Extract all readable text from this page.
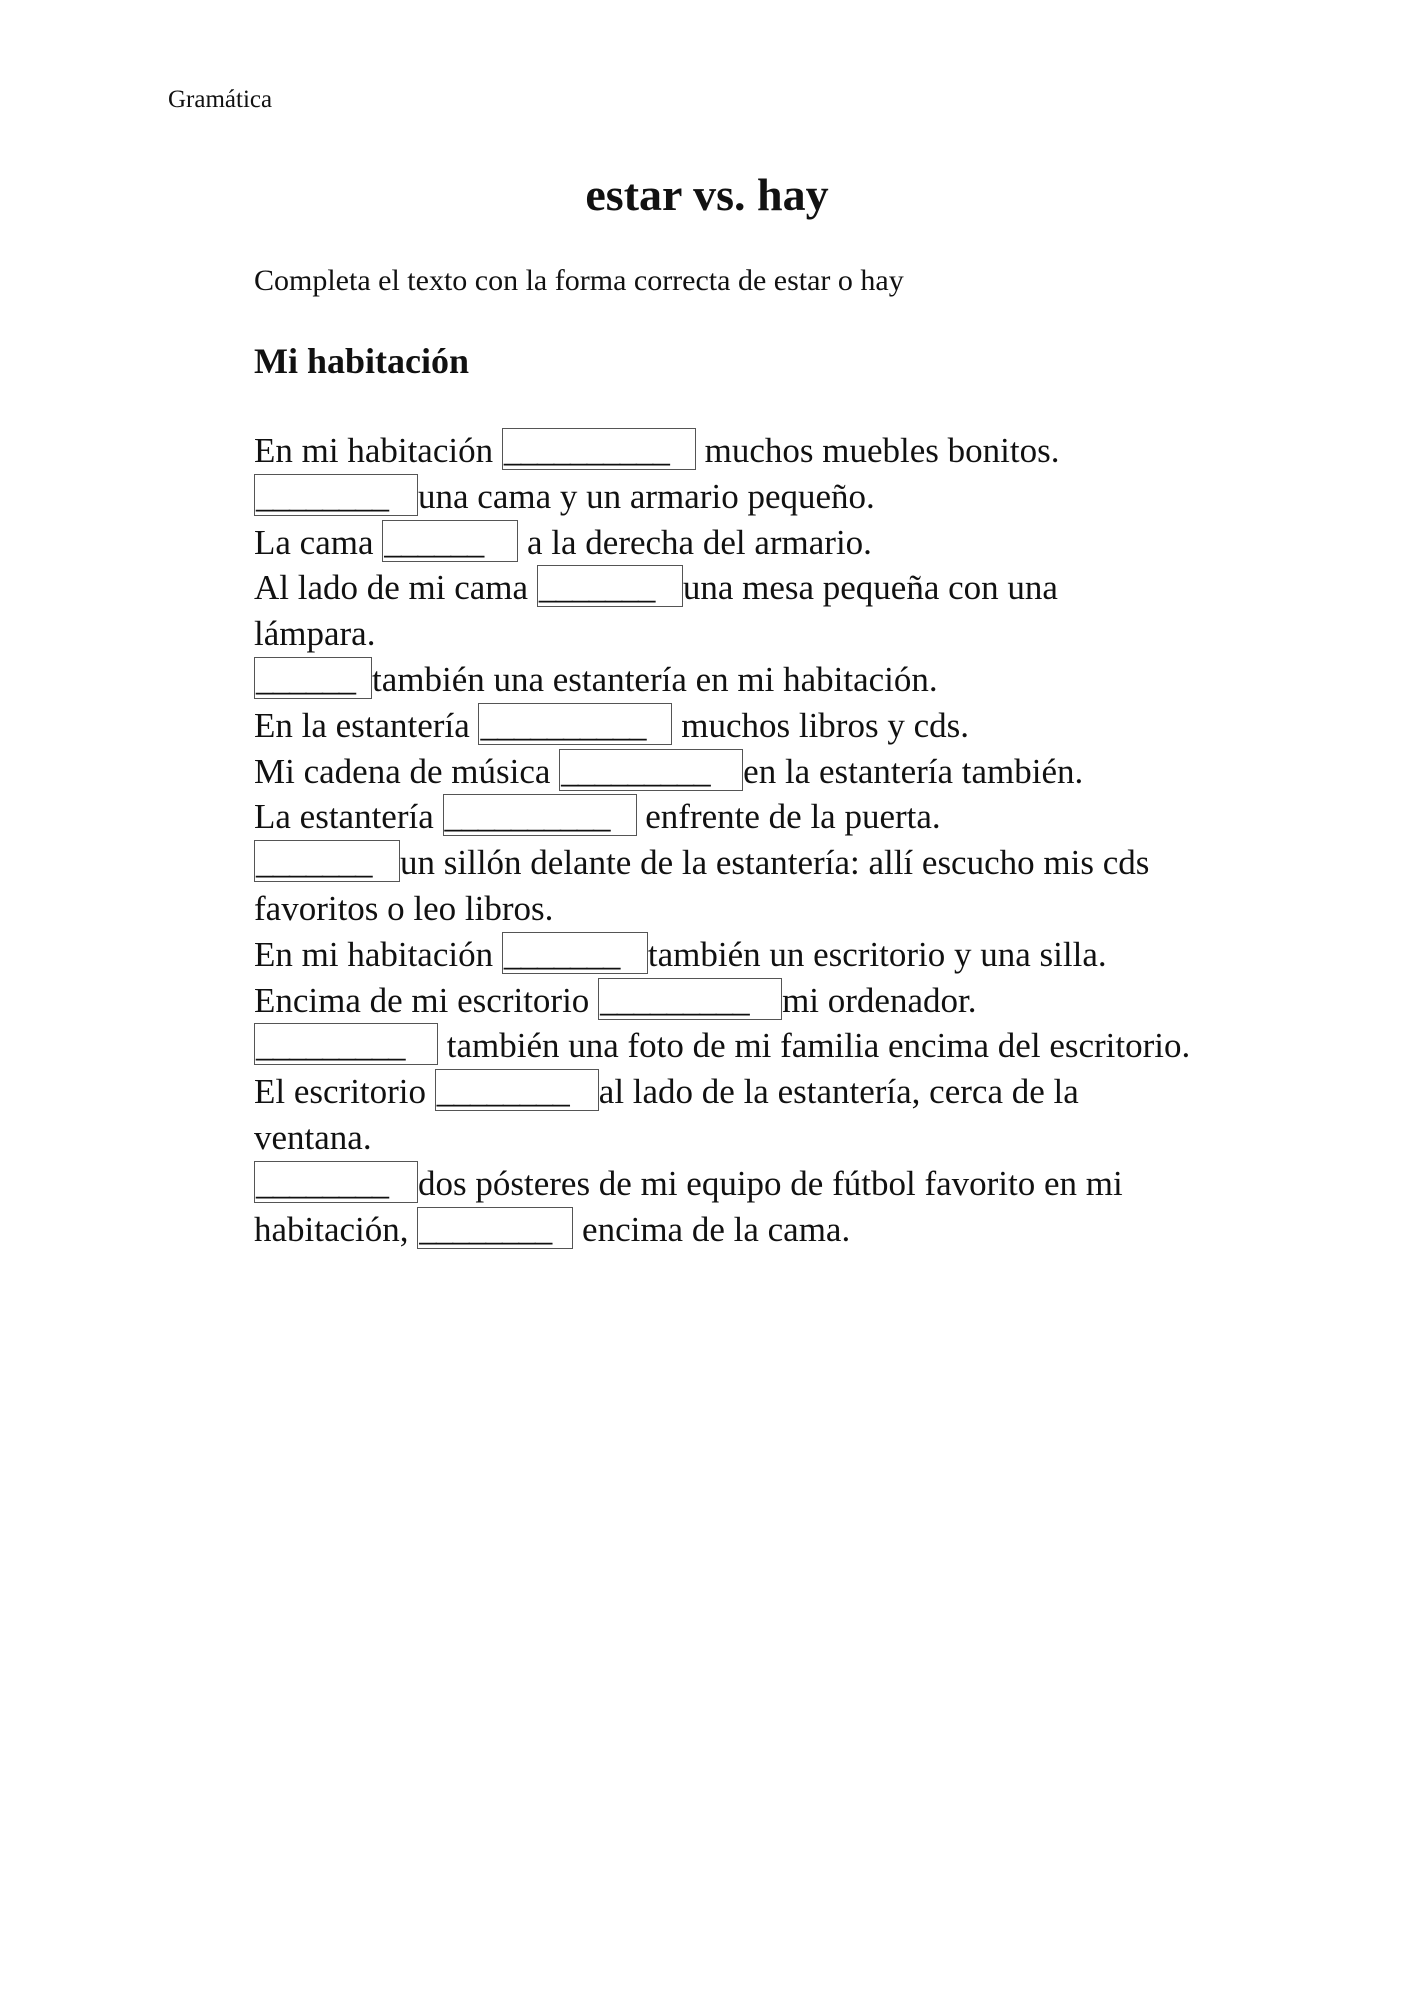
Gramática
estar vs. hay
Completa el texto con la forma correcta de estar o hay
Mi habitación
En mi habitación __________ muchos muebles bonitos.
________ una cama y un armario pequeño.
La cama ______ a la derecha del armario.
Al lado de mi cama _______ una mesa pequeña con una
lámpara.
______ también una estantería en mi habitación.
En la estantería __________ muchos libros y cds.
Mi cadena de música _________ en la estantería también.
La estantería __________ enfrente de la puerta.
_______ un sillón delante de la estantería: allí escucho mis cds
favoritos o leo libros.
En mi habitación _______ también un escritorio y una silla.
Encima de mi escritorio _________ mi ordenador.
_________ también una foto de mi familia encima del escritorio.
El escritorio ________ al lado de la estantería, cerca de la
ventana.
________ dos pósteres de mi equipo de fútbol favorito en mi
habitación, ________ encima de la cama.
